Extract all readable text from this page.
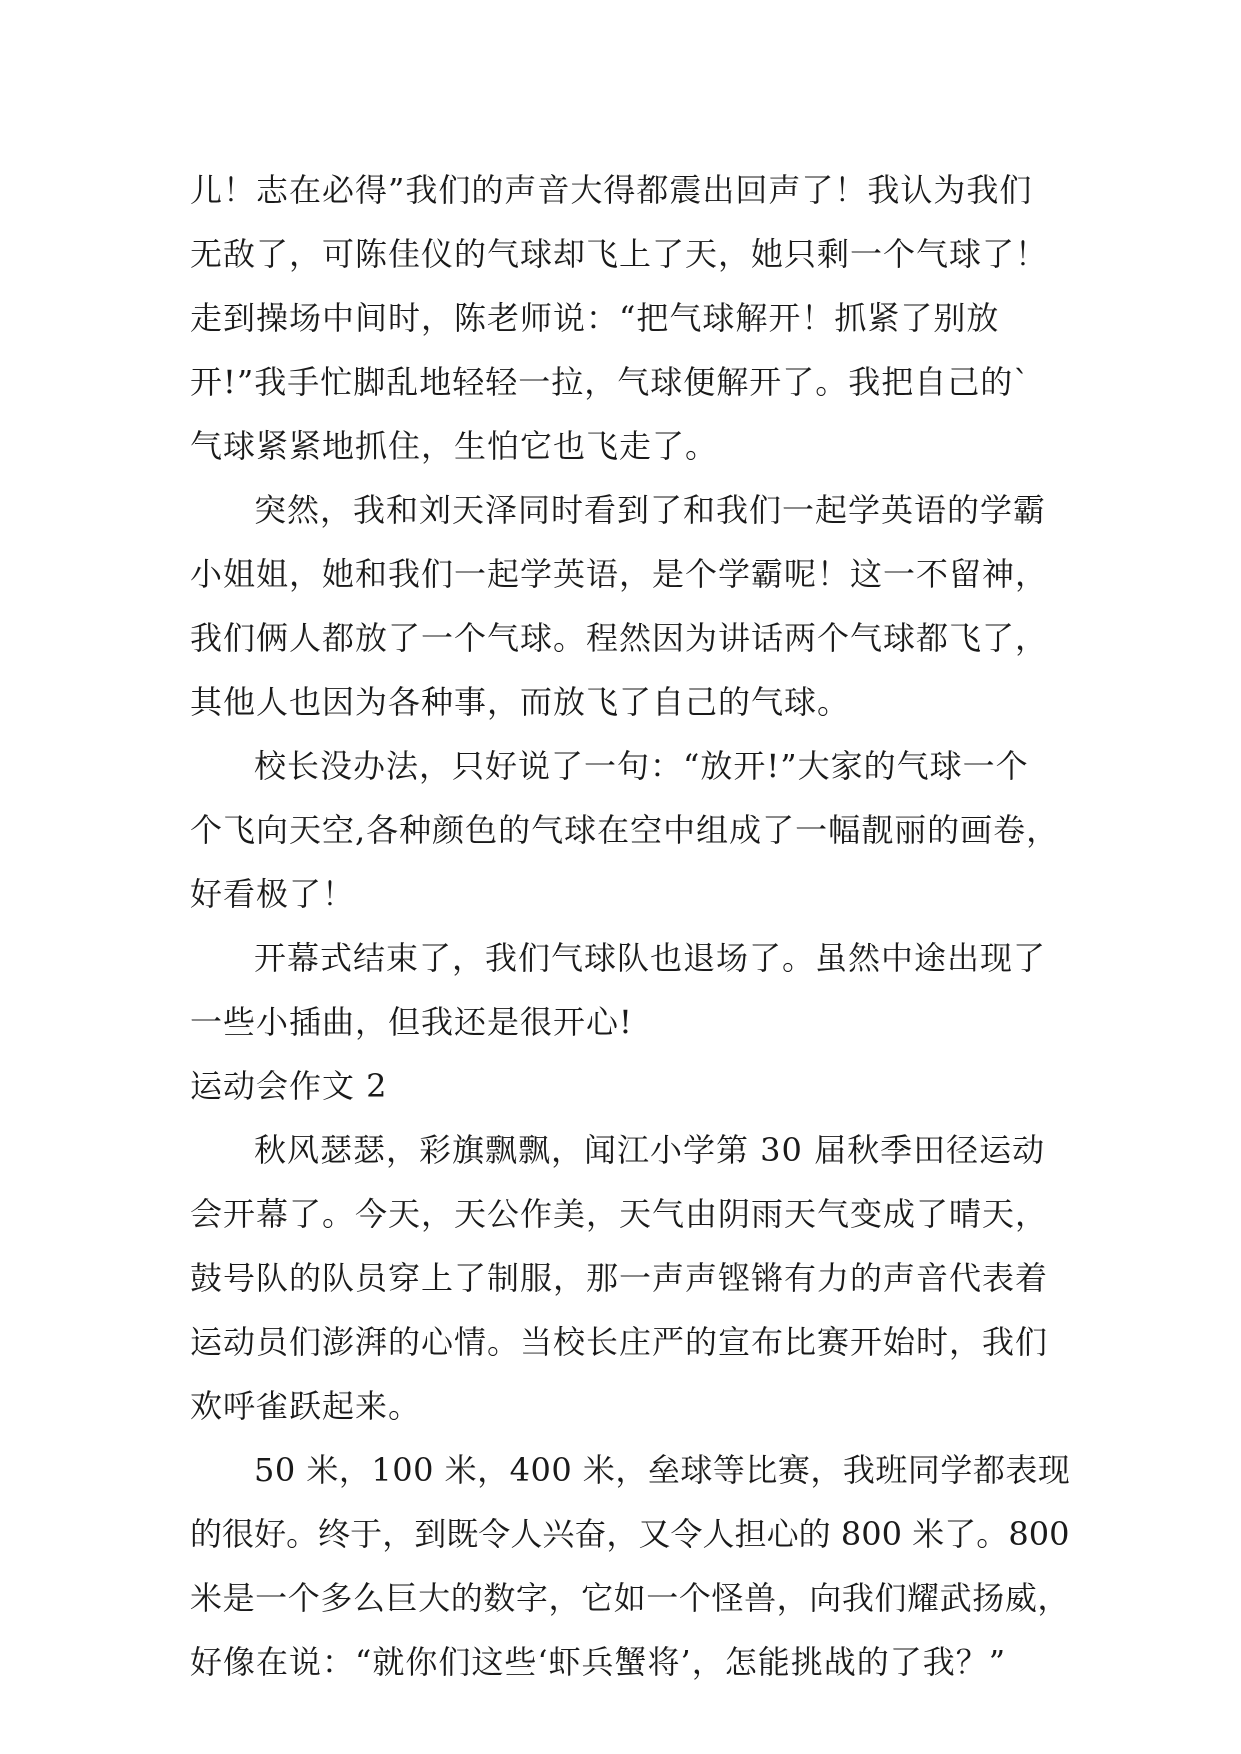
儿！志在必得”我们的声音大得都震出回声了！我认为我们
无敌了，可陈佳仪的气球却飞上了天，她只剩一个气球了！
走到操场中间时，陈老师说：“把气球解开！抓紧了别放
开!”我手忙脚乱地轻轻一拉，气球便解开了。我把自己的`
气球紧紧地抓住，生怕它也飞走了。
突然，我和刘天泽同时看到了和我们一起学英语的学霸
小姐姐，她和我们一起学英语，是个学霸呢！这一不留神，
我们俩人都放了一个气球。程然因为讲话两个气球都飞了，
其他人也因为各种事，而放飞了自己的气球。
校长没办法，只好说了一句：“放开!”大家的气球一个
个飞向天空,各种颜色的气球在空中组成了一幅靓丽的画卷，
好看极了！
开幕式结束了，我们气球队也退场了。虽然中途出现了
一些小插曲，但我还是很开心!
运动会作文 2
秋风瑟瑟，彩旗飘飘，闻江小学第 30 届秋季田径运动
会开幕了。今天，天公作美，天气由阴雨天气变成了晴天，
鼓号队的队员穿上了制服，那一声声铿锵有力的声音代表着
运动员们澎湃的心情。当校长庄严的宣布比赛开始时，我们
欢呼雀跃起来。
50 米，100 米，400 米，垒球等比赛，我班同学都表现
的很好。终于，到既令人兴奋，又令人担心的 800 米了。800
米是一个多么巨大的数字，它如一个怪兽，向我们耀武扬威，
好像在说：“就你们这些‘虾兵蟹将’，怎能挑战的了我？”
